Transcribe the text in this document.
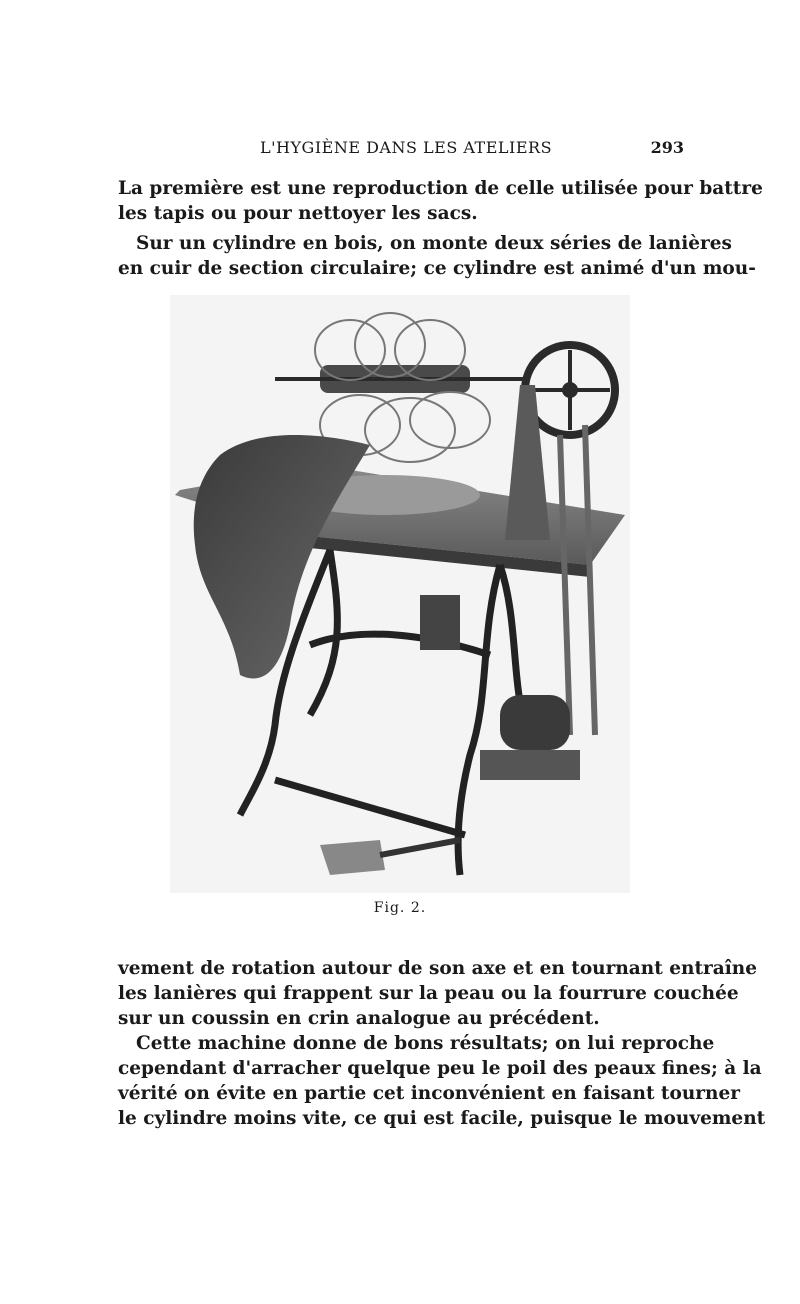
L'HYGIÈNE DANS LES ATELIERS	293

La première est une reproduction de celle utilisée pour battre
les tapis ou pour nettoyer les sacs.

Sur un cylindre en bois, on monte deux séries de lanières
en cuir de section circulaire; ce cylindre est animé d'un mou-

Fig. 2.

vement de rotation autour de son axe et en tournant entraîne
les lanières qui frappent sur la peau ou la fourrure couchée
sur un coussin en crin analogue au précédent.

Cette machine donne de bons résultats; on lui reproche
cependant d'arracher quelque peu le poil des peaux fines; à la
vérité on évite en partie cet inconvénient en faisant tourner
le cylindre moins vite, ce qui est facile, puisque le mouvement
